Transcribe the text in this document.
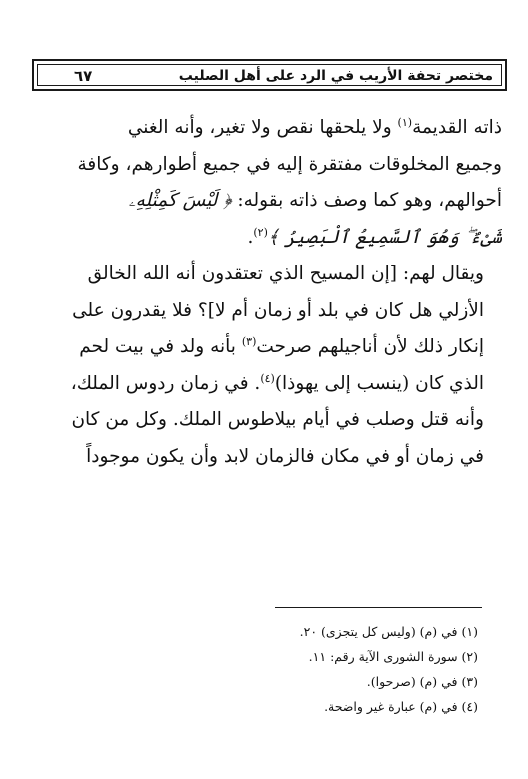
مختصر تحفة الأريب في الرد على أهل الصليب
٦٧
ذاته القديمة$^{(١)}$ ولا يلحقها نقص ولا تغير، وأنه الغني
وجميع المخلوقات مفتقرة إليه في جميع أطوارهم، وكافة
أحوالهم، وهو كما وصف ذاته بقوله: ﴿ لَيْسَ كَمِثْلِهِۦ
شَىْءٌ ۖ وَهُوَ ٱلسَّمِيعُ ٱلْبَصِيرُ ﴾$^{(٢)}$.
ويقال لهم: [إن المسيح الذي تعتقدون أنه الله الخالق
الأزلي هل كان في بلد أو زمان أم لا]؟ فلا يقدرون على
إنكار ذلك لأن أناجيلهم صرحت$^{(٣)}$ بأنه ولد في بيت لحم
الذي كان (ينسب إلى يهوذا)$^{(٤)}$. في زمان ردوس الملك،
وأنه قتل وصلب في أيام بيلاطوس الملك. وكل من كان
في زمان أو في مكان فالزمان لابد وأن يكون موجوداً
(١) في (م) (وليس كل يتجزى) ٢٠.
(٢) سورة الشورى الآية رقم: ١١.
(٣) في (م) (صرحوا).
(٤) في (م) عبارة غير واضحة.
